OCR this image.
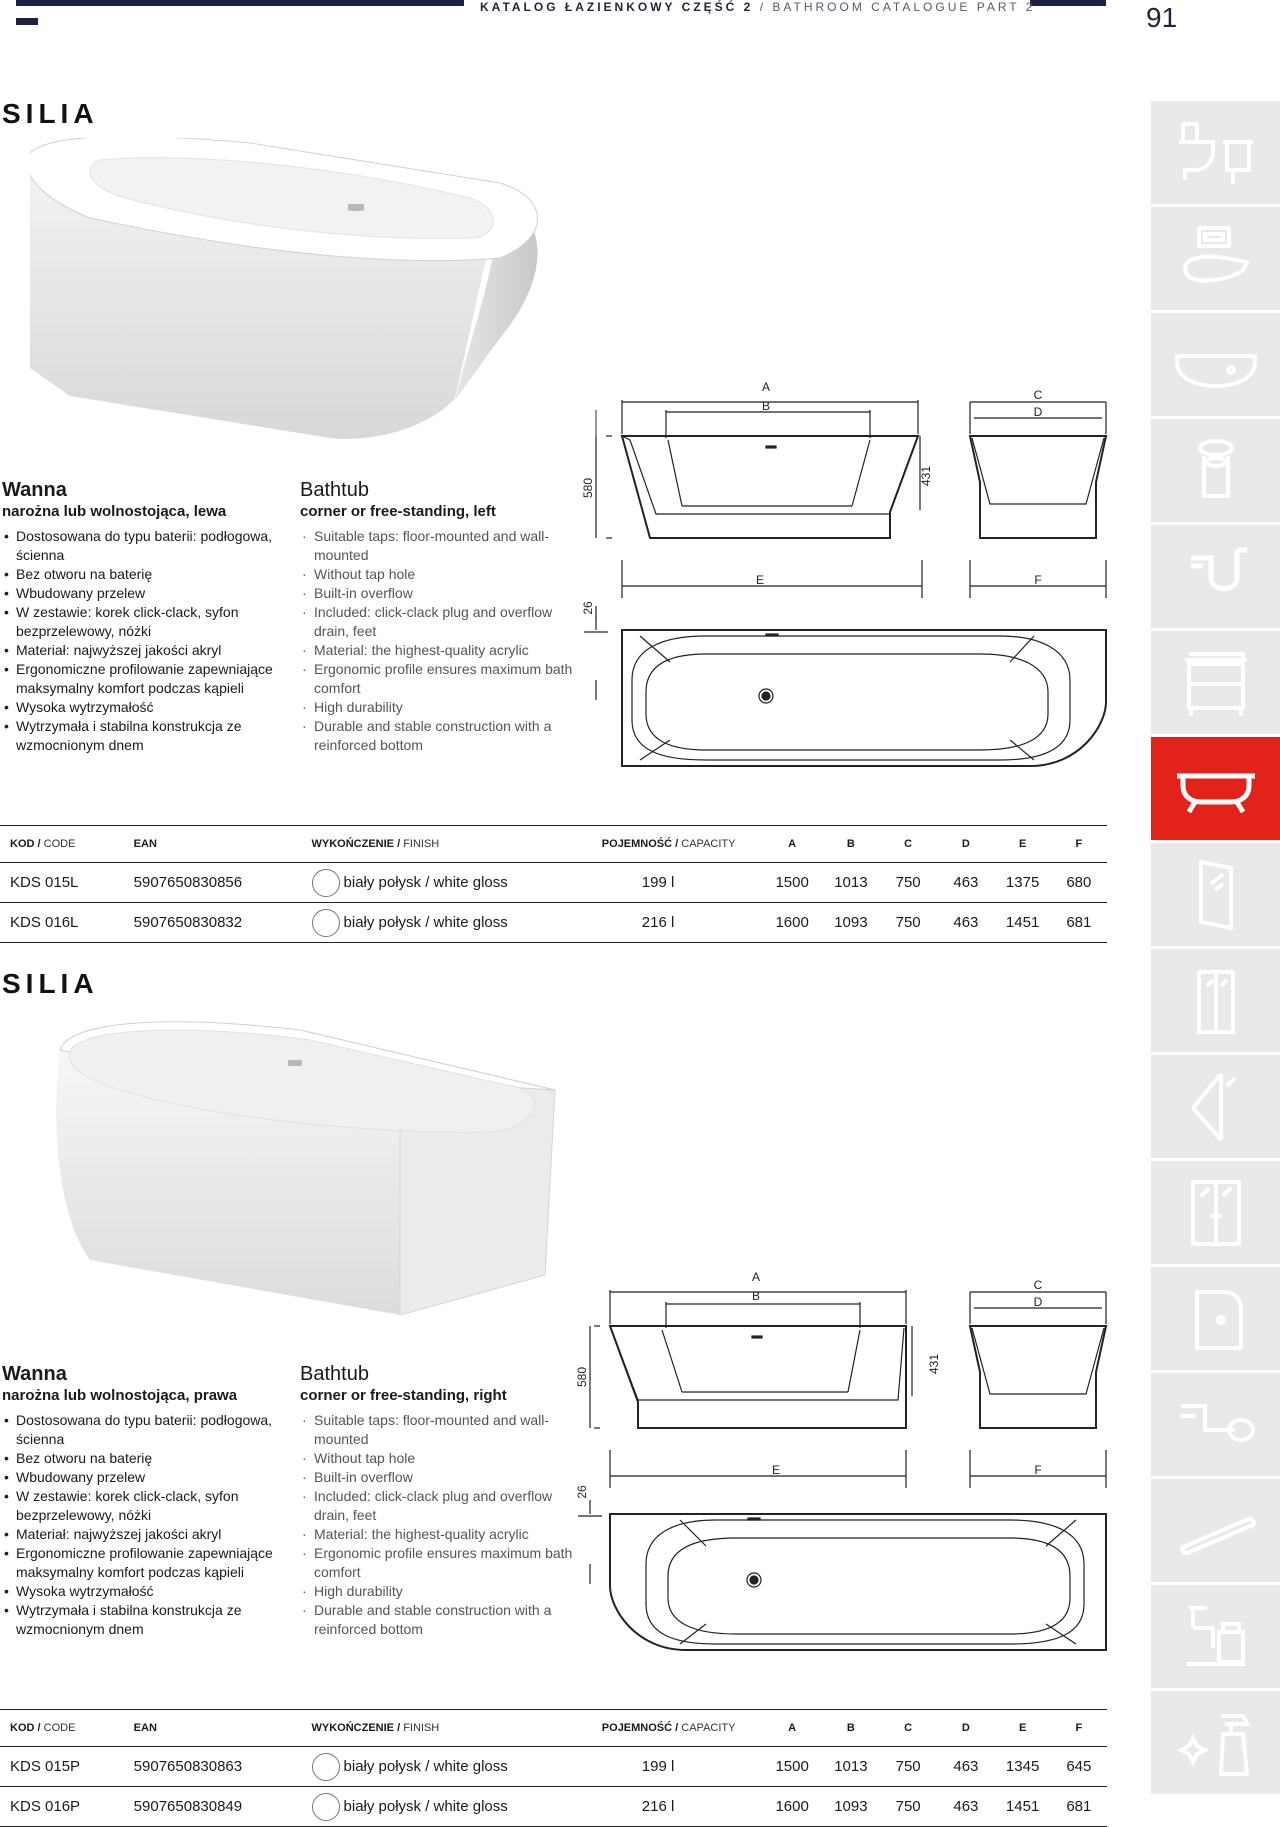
KATALOG ŁAZIENKOWY CZĘŚĆ 2 / BATHROOM CATALOGUE PART 2	91
SILIA
Wanna
narożna lub wolnostojąca, lewa
• Dostosowana do typu baterii: podłogowa, ścienna
• Bez otworu na baterię
• Wbudowany przelew
• W zestawie: korek click-clack, syfon bezprzelewowy, nóżki
• Materiał: najwyższej jakości akryl
• Ergonomiczne profilowanie zapewniające maksymalny komfort podczas kąpieli
• Wysoka wytrzymałość
• Wytrzymała i stabilna konstrukcja ze wzmocnionym dnem
Bathtub
corner or free-standing, left
· Suitable taps: floor-mounted and wall-mounted
· Without tap hole
· Built-in overflow
· Included: click-clack plug and overflow drain, feet
· Material: the highest-quality acrylic
· Ergonomic profile ensures maximum bath comfort
· High durability
· Durable and stable construction with a reinforced bottom
A
B
C
D
E	F
580
431
26
KOD / CODE	EAN	WYKOŃCZENIE / FINISH	POJEMNOŚĆ / CAPACITY	A	B	C	D	E	F
KDS 015L	5907650830856	biały połysk / white gloss	199 l	1500	1013	750	463	1375	680
KDS 016L	5907650830832	biały połysk / white gloss	216 l	1600	1093	750	463	1451	681
SILIA
Wanna
narożna lub wolnostojąca, prawa
• Dostosowana do typu baterii: podłogowa, ścienna
• Bez otworu na baterię
• Wbudowany przelew
• W zestawie: korek click-clack, syfon bezprzelewowy, nóżki
• Materiał: najwyższej jakości akryl
• Ergonomiczne profilowanie zapewniające maksymalny komfort podczas kąpieli
• Wysoka wytrzymałość
• Wytrzymała i stabilna konstrukcja ze wzmocnionym dnem
Bathtub
corner or free-standing, right
· Suitable taps: floor-mounted and wall-mounted
· Without tap hole
· Built-in overflow
· Included: click-clack plug and overflow drain, feet
· Material: the highest-quality acrylic
· Ergonomic profile ensures maximum bath comfort
· High durability
· Durable and stable construction with a reinforced bottom
A
B
C
D
E	F
580
431
26
KOD / CODE	EAN	WYKOŃCZENIE / FINISH	POJEMNOŚĆ / CAPACITY	A	B	C	D	E	F
KDS 015P	5907650830863	biały połysk / white gloss	199 l	1500	1013	750	463	1345	645
KDS 016P	5907650830849	biały połysk / white gloss	216 l	1600	1093	750	463	1451	681
